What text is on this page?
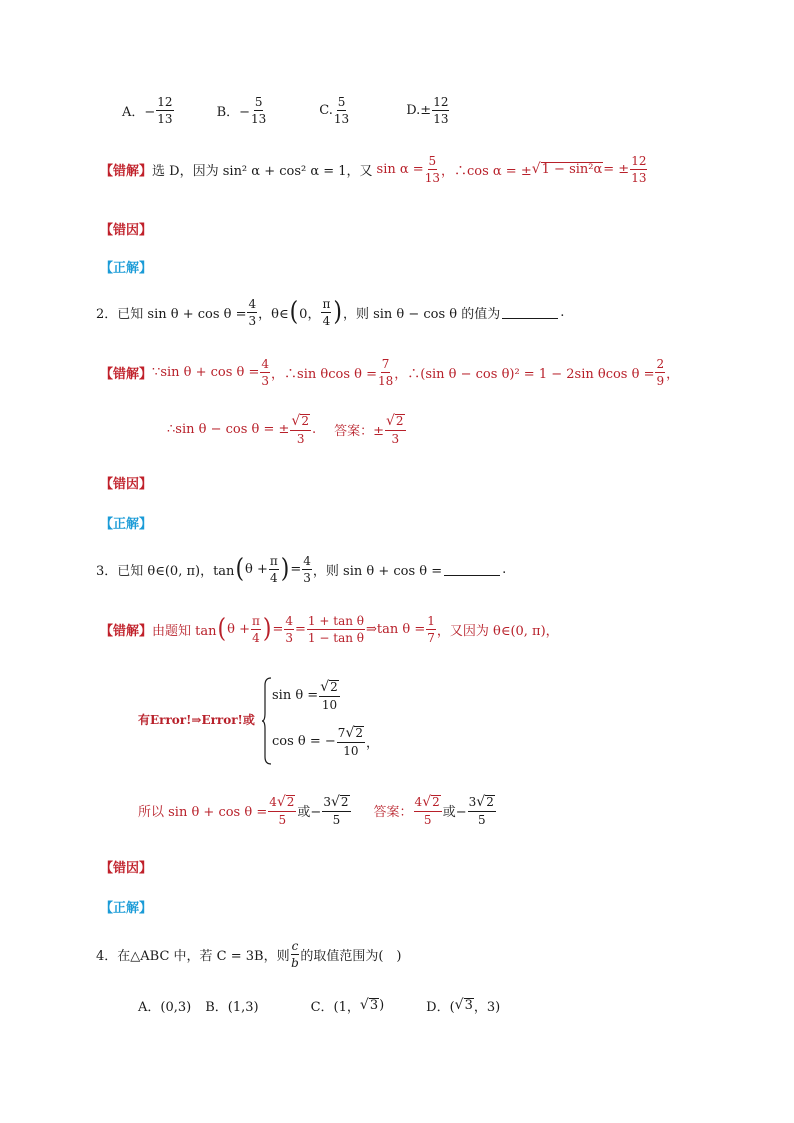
A．− $\frac{12}{13}$	B．− $\frac{5}{13}$	C. $\frac{5}{13}$	$D.\pm \frac{12}{13}$
【错解】 选 D，因为 sin² α + cos² α = 1，又 $\sin \alpha = \frac{5}{13}$ ，∴cos α = ± √ 1 − sin²α = ± $\frac{12}{13}$
【 错因 】
【 正解 】
2．已知 $\sin \theta + \cos \theta = \frac{4}{3}$ ，θ∈ ( 0， $\frac{\pi}{4}$ ) ，则 sin θ − cos θ 的值为	.
【错解】 ∵sin $\theta + \cos \theta = \frac{4}{3}$ ，∴sin θcos $\theta = \frac{7}{18}$ ，∴(sin θ − cos θ)² = 1 − 2sin θcos $\theta = \frac{2}{9}$ ，
∴sin θ − cos θ = ± $\frac{√ 2}{3}$ . 答案：± $\frac{√ 2}{3}$
【 错因 】
【 正解 】
3．已知 θ∈(0, π)，tan ( $\theta + \frac{\pi}{4}$ ) = $\frac{4}{3}$ ，则 sin θ + cos θ =	.
【错解】 由题知 tan ( $\theta + \frac{\pi}{4}$ ) = $\frac{4}{3} = \frac{\text{1 + tan θ}}{\text{1 − tan θ}}$ ⇒tan $\theta = \frac{1}{7}$ ，又因为 θ∈(0, π)，
有Error!⇒Error!或
$\sin \theta = \frac{√ 2}{10}$
cos θ = − $\frac{7 √ 2}{10}$ ，
所以 $\sin \theta + \cos \theta = \frac{4 √ 2}{5}$ 或− $\frac{3 √ 2}{5}$ 答案： $\frac{4 √ 2}{5}$ 或− $\frac{3 √ 2}{5}$
【 错因 】
【 正解 】
4．在△ABC 中，若 C = 3B，则 $\frac{c}{b}$ 的取值范围为(　)
A．(0,3) B．(1,3)	C．(1， √ 3 )	D．( √ 3 ，3)
